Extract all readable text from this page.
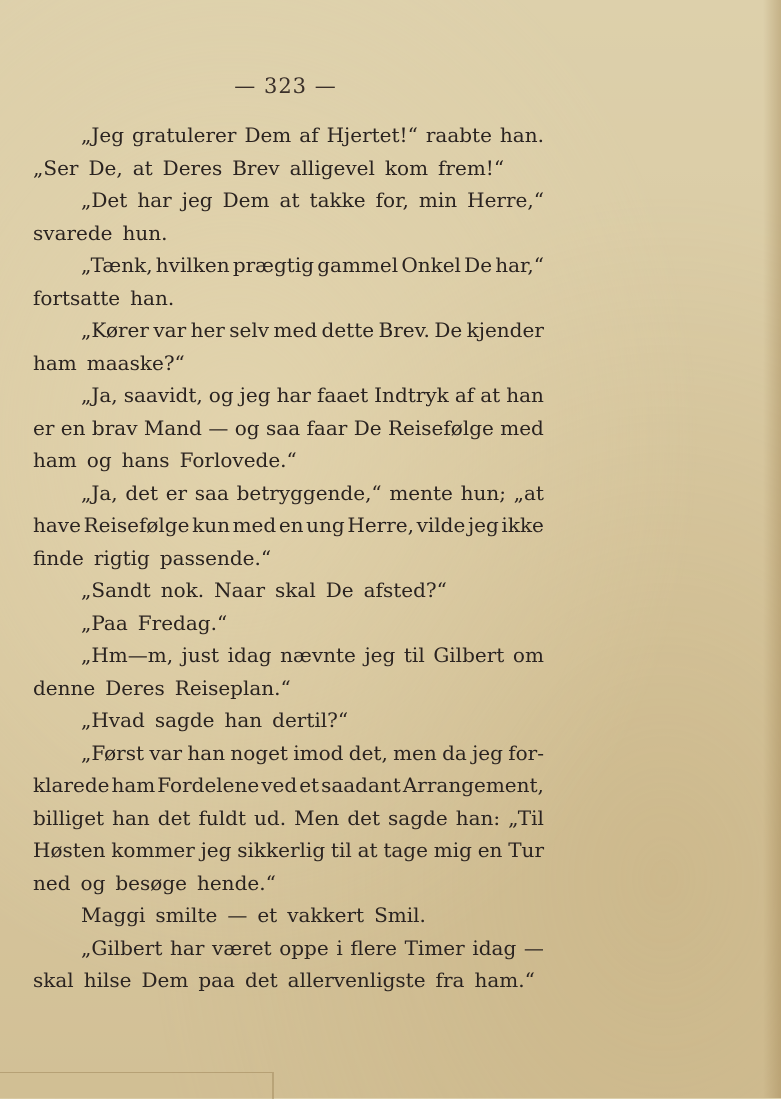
— 323 —
„Jeg gratulerer Dem af Hjertet!“ raabte han.
„Ser De, at Deres Brev alligevel kom frem!“
„Det har jeg Dem at takke for, min Herre,“
svarede hun.
„Tænk, hvilken prægtig gammel Onkel De har,“
fortsatte han.
„Kører var her selv med dette Brev. De kjender
ham maaske?“
„Ja, saavidt, og jeg har faaet Indtryk af at han
er en brav Mand — og saa faar De Reisefølge med
ham og hans Forlovede.“
„Ja, det er saa betryggende,“ mente hun; „at
have Reisefølge kun med en ung Herre, vilde jeg ikke
finde rigtig passende.“
„Sandt nok. Naar skal De afsted?“
„Paa Fredag.“
„Hm—m, just idag nævnte jeg til Gilbert om
denne Deres Reiseplan.“
„Hvad sagde han dertil?“
„Først var han noget imod det, men da jeg for-
klarede ham Fordelene ved et saadant Arrangement,
billiget han det fuldt ud. Men det sagde han: „Til
Høsten kommer jeg sikkerlig til at tage mig en Tur
ned og besøge hende.“
Maggi smilte — et vakkert Smil.
„Gilbert har været oppe i flere Timer idag —
skal hilse Dem paa det allervenligste fra ham.“
